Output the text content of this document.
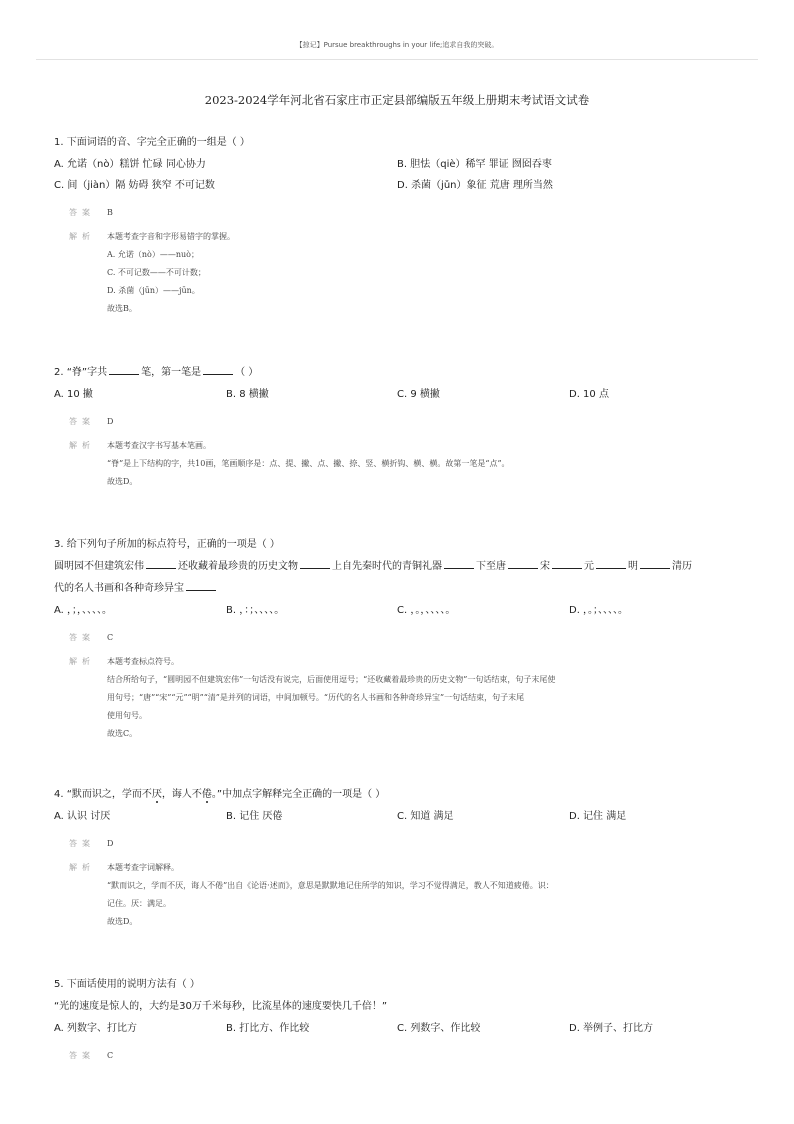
【掠记】Pursue breakthroughs in your life;追求自我的突破。
2023-2024学年河北省石家庄市正定县部编版五年级上册期末考试语文试卷
1. 下面词语的音、字完全正确的一组是（ ）
A. 允诺（nò）糕饼 忙碌 同心协力	B. 胆怯（qiè）稀罕 罪证 囫囵吞枣
C. 间（jiàn）隔 妨碍 狭窄 不可记数	D. 杀菌（jǔn）象征 荒唐 理所当然
答案	B
解析	本题考查字音和字形易错字的掌握。
A. 允诺（nò）——nuò；
C. 不可记数——不可计数；
D. 杀菌（jūn）——jūn。
故选B。
2. “脊”字共	笔，第一笔是	（ ）
A. 10 撇	B. 8 横撇	C. 9 横撇	D. 10 点
答案	D
解析	本题考查汉字书写基本笔画。
“脊”是上下结构的字，共10画，笔画顺序是：点、提、撇、点、撇、捺、竖、横折钩、横、横。故第一笔是“点”。
故选D。
3. 给下列句子所加的标点符号，正确的一项是（ ）
圆明园不但建筑宏伟	还收藏着最珍贵的历史文物	上自先秦时代的青铜礼器	下至唐	宋	元	明	清历
代的名人书画和各种奇珍异宝
A. ，；，、、、、。	B. ，：；、、、、。	C. ，。，、、、、。	D. ，。；、、、、。
答案	C
解析	本题考查标点符号。
结合所给句子，“圆明园不但建筑宏伟”一句话没有说完，后面使用逗号；“还收藏着最珍贵的历史文物”一句话结束，句子末尾使
用句号；“唐”“宋”“元”“明”“清”是并列的词语，中间加顿号。“历代的名人书画和各种奇珍异宝”一句话结束，句子末尾
使用句号。
故选C。
4. “默而识之，学而不厌，诲人不倦。”中加点字解释完全正确的一项是（ ）
A. 认识 讨厌	B. 记住 厌倦	C. 知道 满足	D. 记住 满足
答案	D
解析	本题考查字词解释。
“默而识之，学而不厌，诲人不倦”出自《论语·述而》，意思是默默地记住所学的知识，学习不觉得满足，教人不知道疲倦。识：
记住。厌：满足。
故选D。
5. 下面话使用的说明方法有（ ）
“光的速度是惊人的，大约是30万千米每秒，比流星体的速度要快几千倍！”
A. 列数字、打比方	B. 打比方、作比较	C. 列数字、作比较	D. 举例子、打比方
答案	C
